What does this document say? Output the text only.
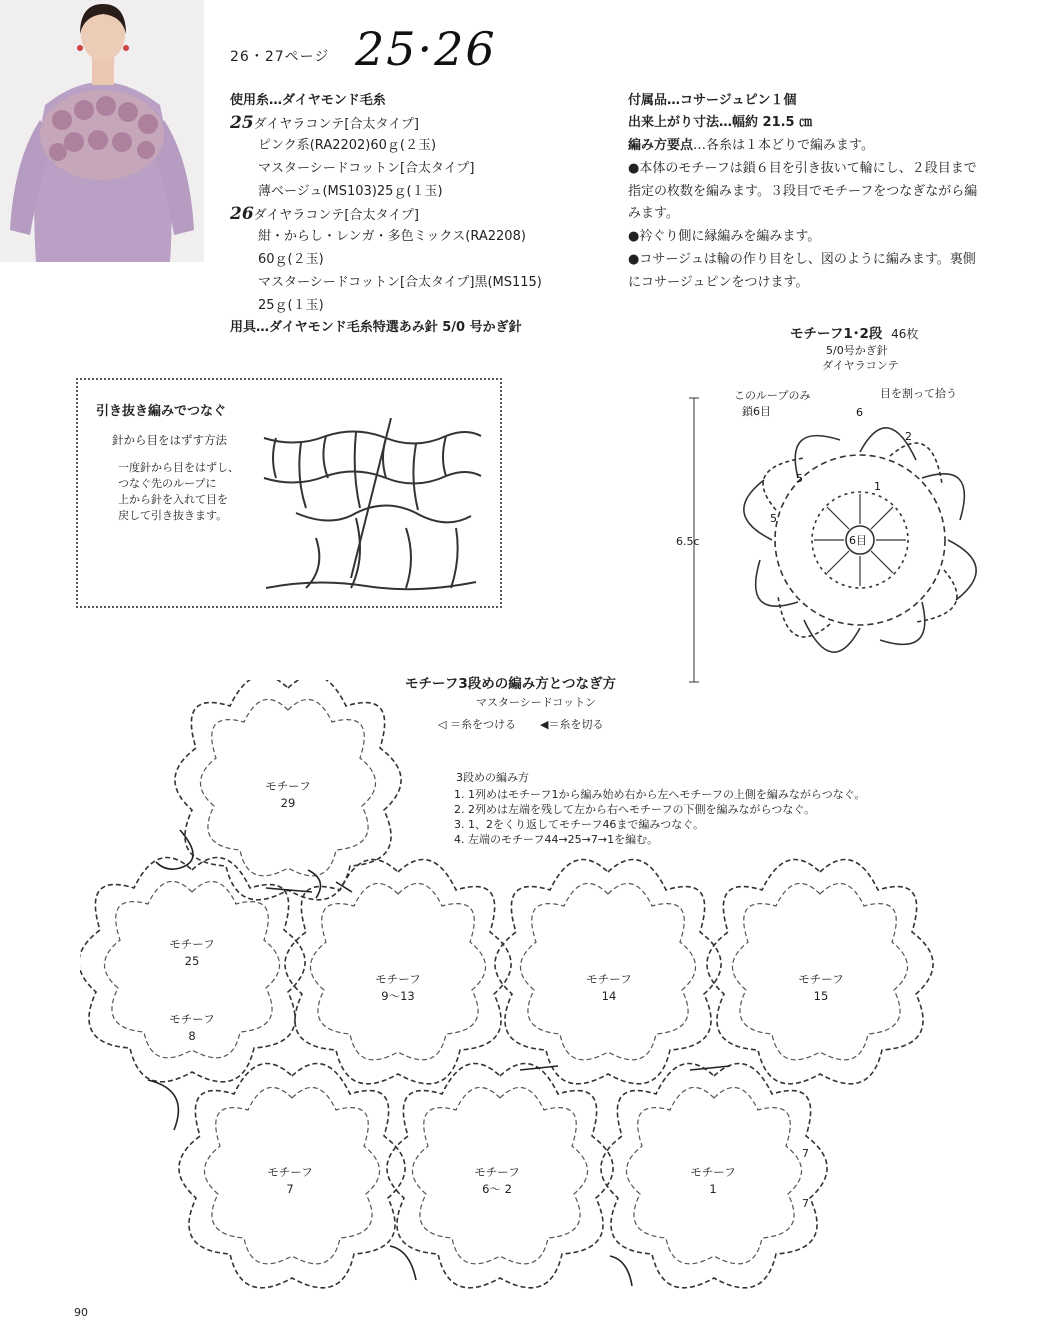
26・27ページ 25·26
使用糸…ダイヤモンド毛糸
25ダイヤラコンテ[合太タイプ]
ピンク系(RA2202)60ｇ(２玉)
マスターシードコットン[合太タイプ]
薄ベージュ(MS103)25ｇ(１玉)
26ダイヤラコンテ[合太タイプ]
紺・からし・レンガ・多色ミックス(RA2208)
60ｇ(２玉)
マスターシードコットン[合太タイプ]黒(MS115)
25ｇ(１玉)
用具…ダイヤモンド毛糸特選あみ針 5/0 号かぎ針
付属品…コサージュピン１個
出来上がり寸法…幅約 21.5 ㎝
編み方要点…各糸は１本どりで編みます。
●本体のモチーフは鎖６目を引き抜いて輪にし、２段目まで
指定の枚数を編みます。３段目でモチーフをつなぎながら編
みます。
●衿ぐり側に縁編みを編みます。
●コサージュは輪の作り目をし、図のように編みます。裏側
にコサージュピンをつけます。
引き抜き編みでつなぐ
針から目をはずす方法
一度針から目をはずし、
つなぐ先のループに
上から針を入れて目を
戻して引き抜きます。
モチーフ1･2段 46枚
5/0号かぎ針
ダイヤラコンテ
このループのみ
鎖6目
目を割って拾う
6.5c	6目
1
2
5
5
6
モチーフ3段めの編み方とつなぎ方
マスターシードコットン
◁ ＝糸をつける ◀＝糸を切る
3段めの編み方
1. 1列めはモチーフ1から編み始め右から左へモチーフの上側を編みながらつなぐ。
2. 2列めは左端を残して左から右へモチーフの下側を編みながらつなぐ。
3. 1、2をくり返してモチーフ46まで編みつなぐ。
4. 左端のモチーフ44→25→7→1を編む。
モチーフ
29
モチーフ
25
モチーフ
8
モチーフ
9～13
モチーフ
14
モチーフ
15
モチーフ
7
モチーフ
6～ 2
モチーフ
1
7
7
90
